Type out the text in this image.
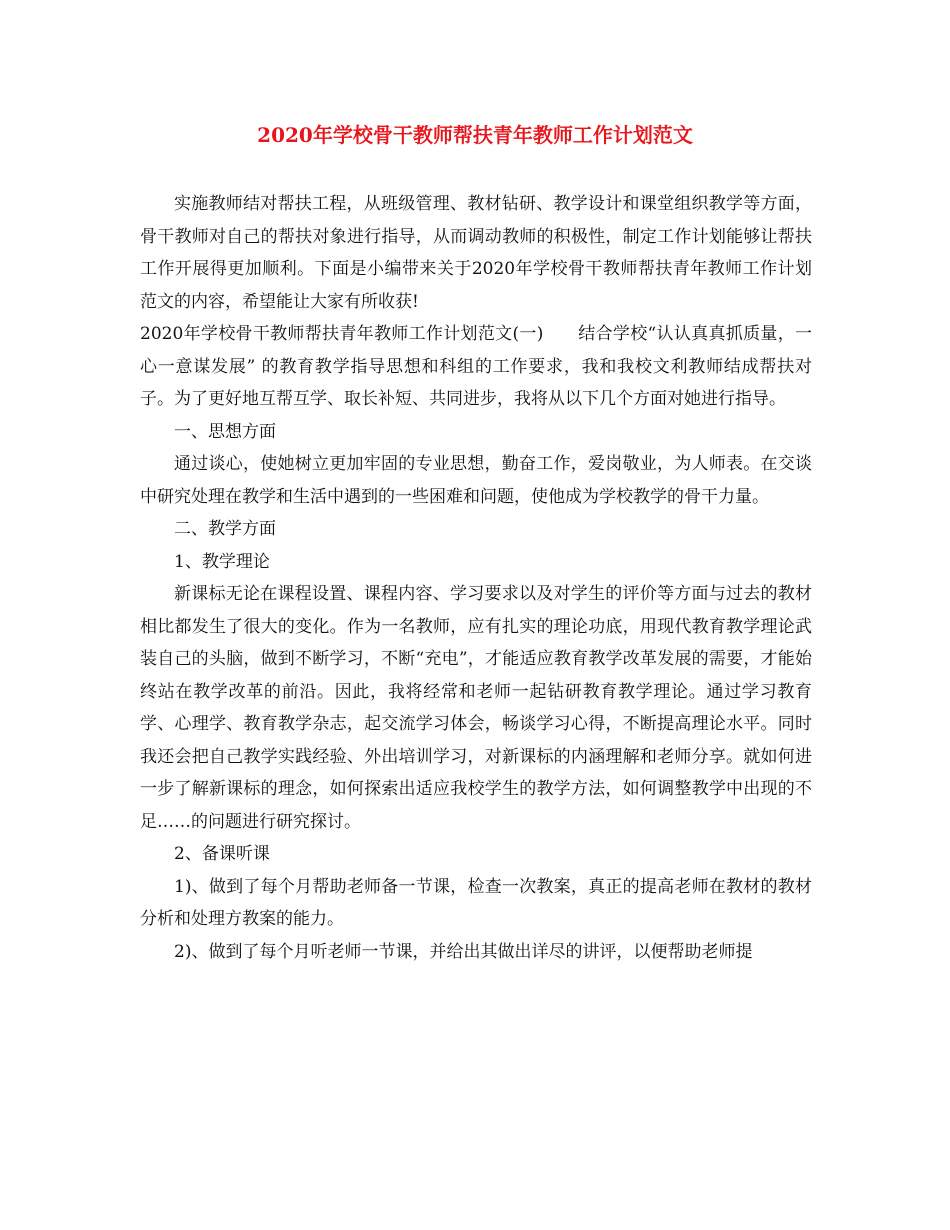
2020年学校骨干教师帮扶青年教师工作计划范文

实施教师结对帮扶工程，从班级管理、教材钻研、教学设计和课堂组织教学等方面，骨干教师对自己的帮扶对象进行指导，从而调动教师的积极性，制定工作计划能够让帮扶工作开展得更加顺利。下面是小编带来关于2020年学校骨干教师帮扶青年教师工作计划范文的内容，希望能让大家有所收获!

2020年学校骨干教师帮扶青年教师工作计划范文(一)　　结合学校“认认真真抓质量，一心一意谋发展” 的教育教学指导思想和科组的工作要求，我和我校文利教师结成帮扶对子。为了更好地互帮互学、取长补短、共同进步，我将从以下几个方面对她进行指导。

一、思想方面

通过谈心，使她树立更加牢固的专业思想，勤奋工作，爱岗敬业，为人师表。在交谈中研究处理在教学和生活中遇到的一些困难和问题，使他成为学校教学的骨干力量。

二、教学方面

1、教学理论

新课标无论在课程设置、课程内容、学习要求以及对学生的评价等方面与过去的教材相比都发生了很大的变化。作为一名教师，应有扎实的理论功底，用现代教育教学理论武装自己的头脑，做到不断学习，不断“充电”，才能适应教育教学改革发展的需要，才能始终站在教学改革的前沿。因此，我将经常和老师一起钻研教育教学理论。通过学习教育学、心理学、教育教学杂志，起交流学习体会，畅谈学习心得，不断提高理论水平。同时我还会把自己教学实践经验、外出培训学习，对新课标的内涵理解和老师分享。就如何进一步了解新课标的理念，如何探索出适应我校学生的教学方法，如何调整教学中出现的不足……的问题进行研究探讨。

2、备课听课

1)、做到了每个月帮助老师备一节课，检查一次教案，真正的提高老师在教材的教材分析和处理方教案的能力。

2)、做到了每个月听老师一节课，并给出其做出详尽的讲评，以便帮助老师提
